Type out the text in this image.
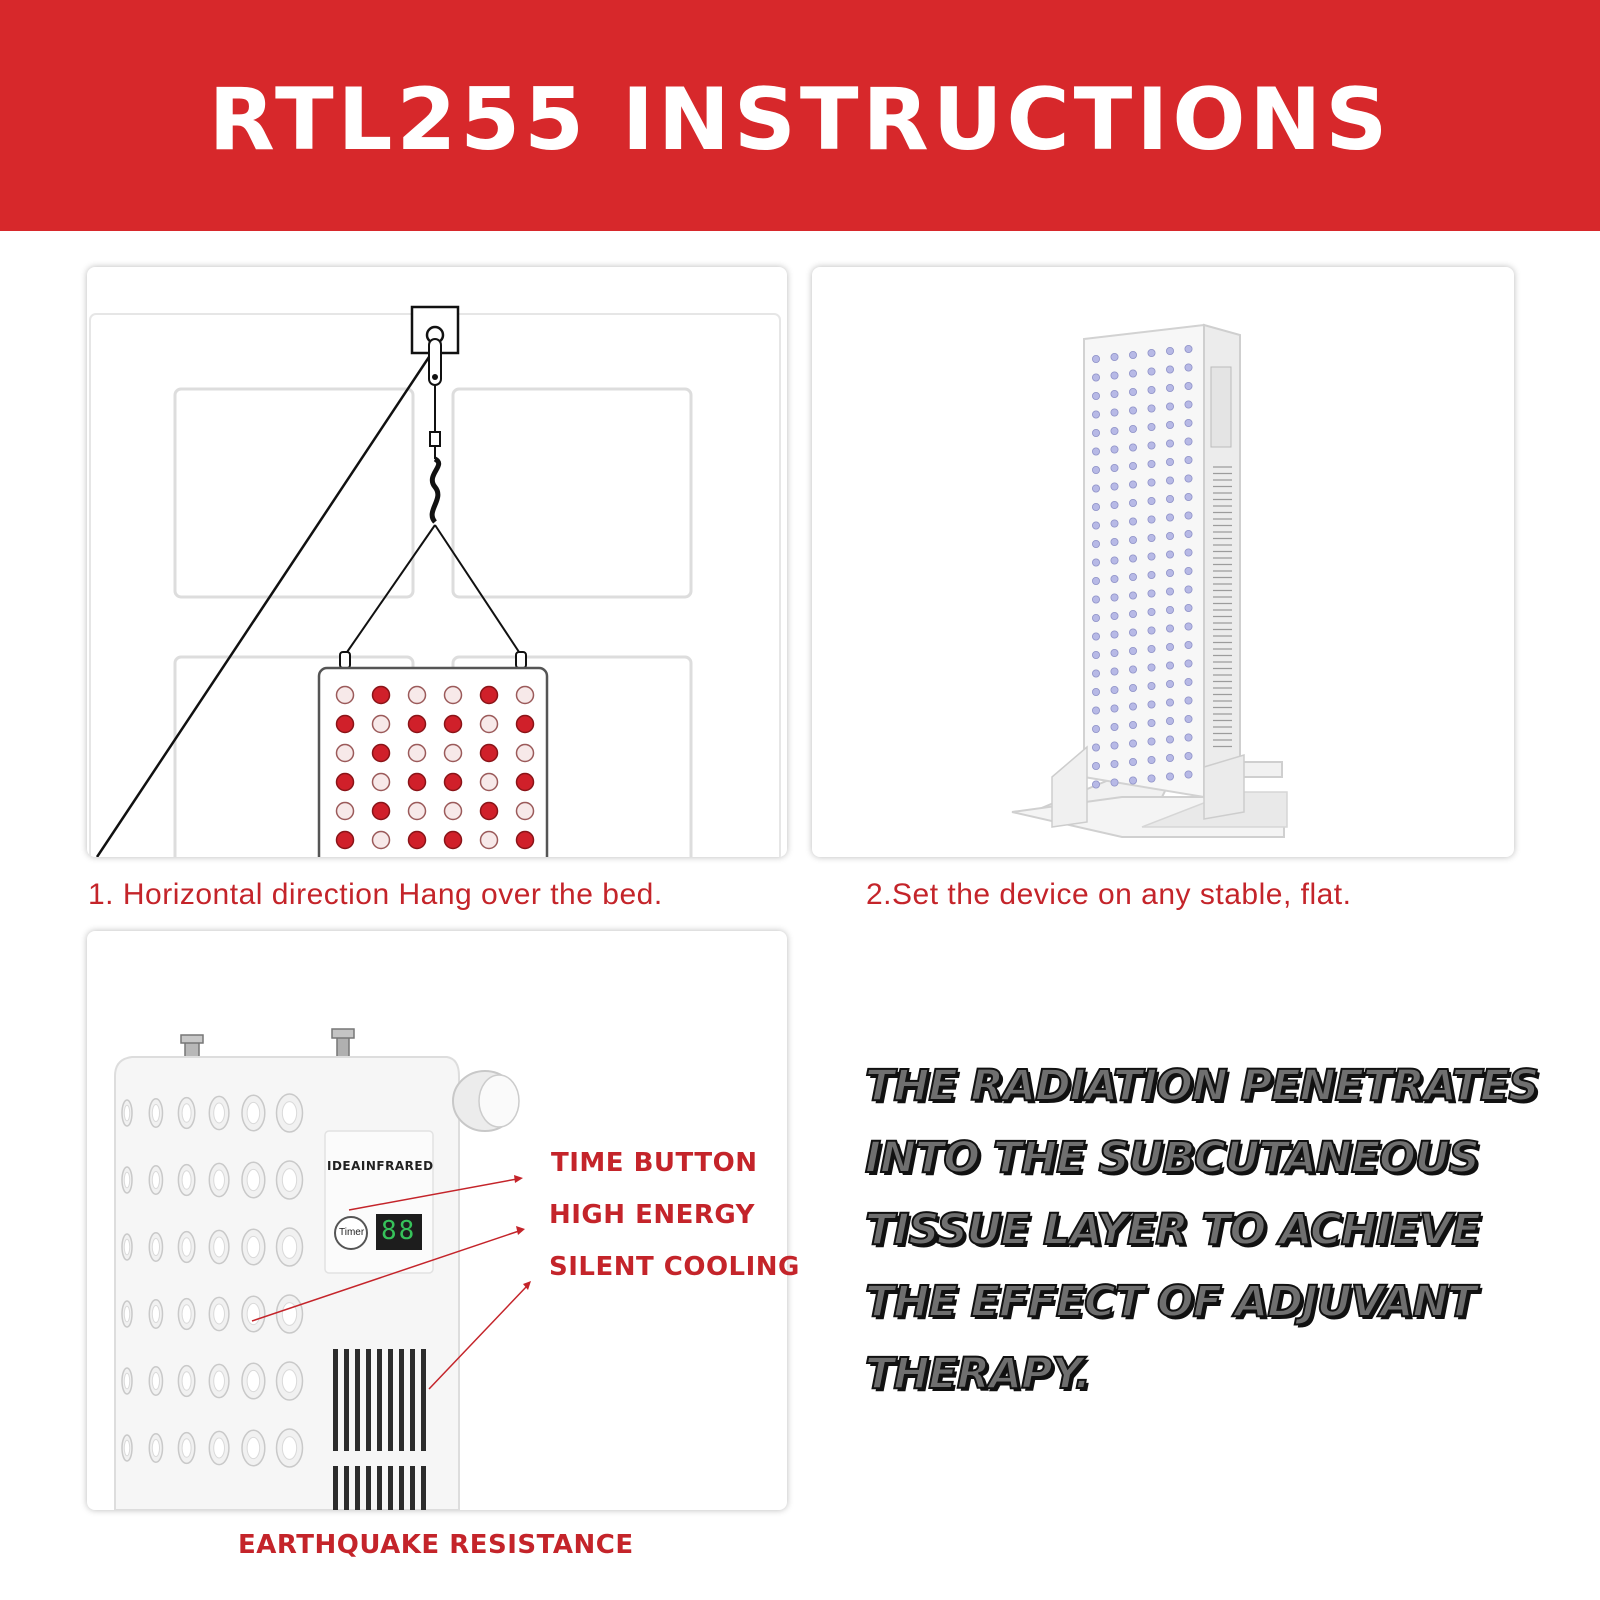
RTL255 INSTRUCTIONS
1. Horizontal direction Hang over the bed.	2.Set the device on any stable, flat.
IDEAINFRARED
Timer 88
TIME BUTTON
HIGH ENERGY
SILENT COOLING
EARTHQUAKE RESISTANCE
THE RADIATION PENETRATES INTO THE SUBCUTANEOUS TISSUE LAYER TO ACHIEVE THE EFFECT OF ADJUVANT THERAPY.
